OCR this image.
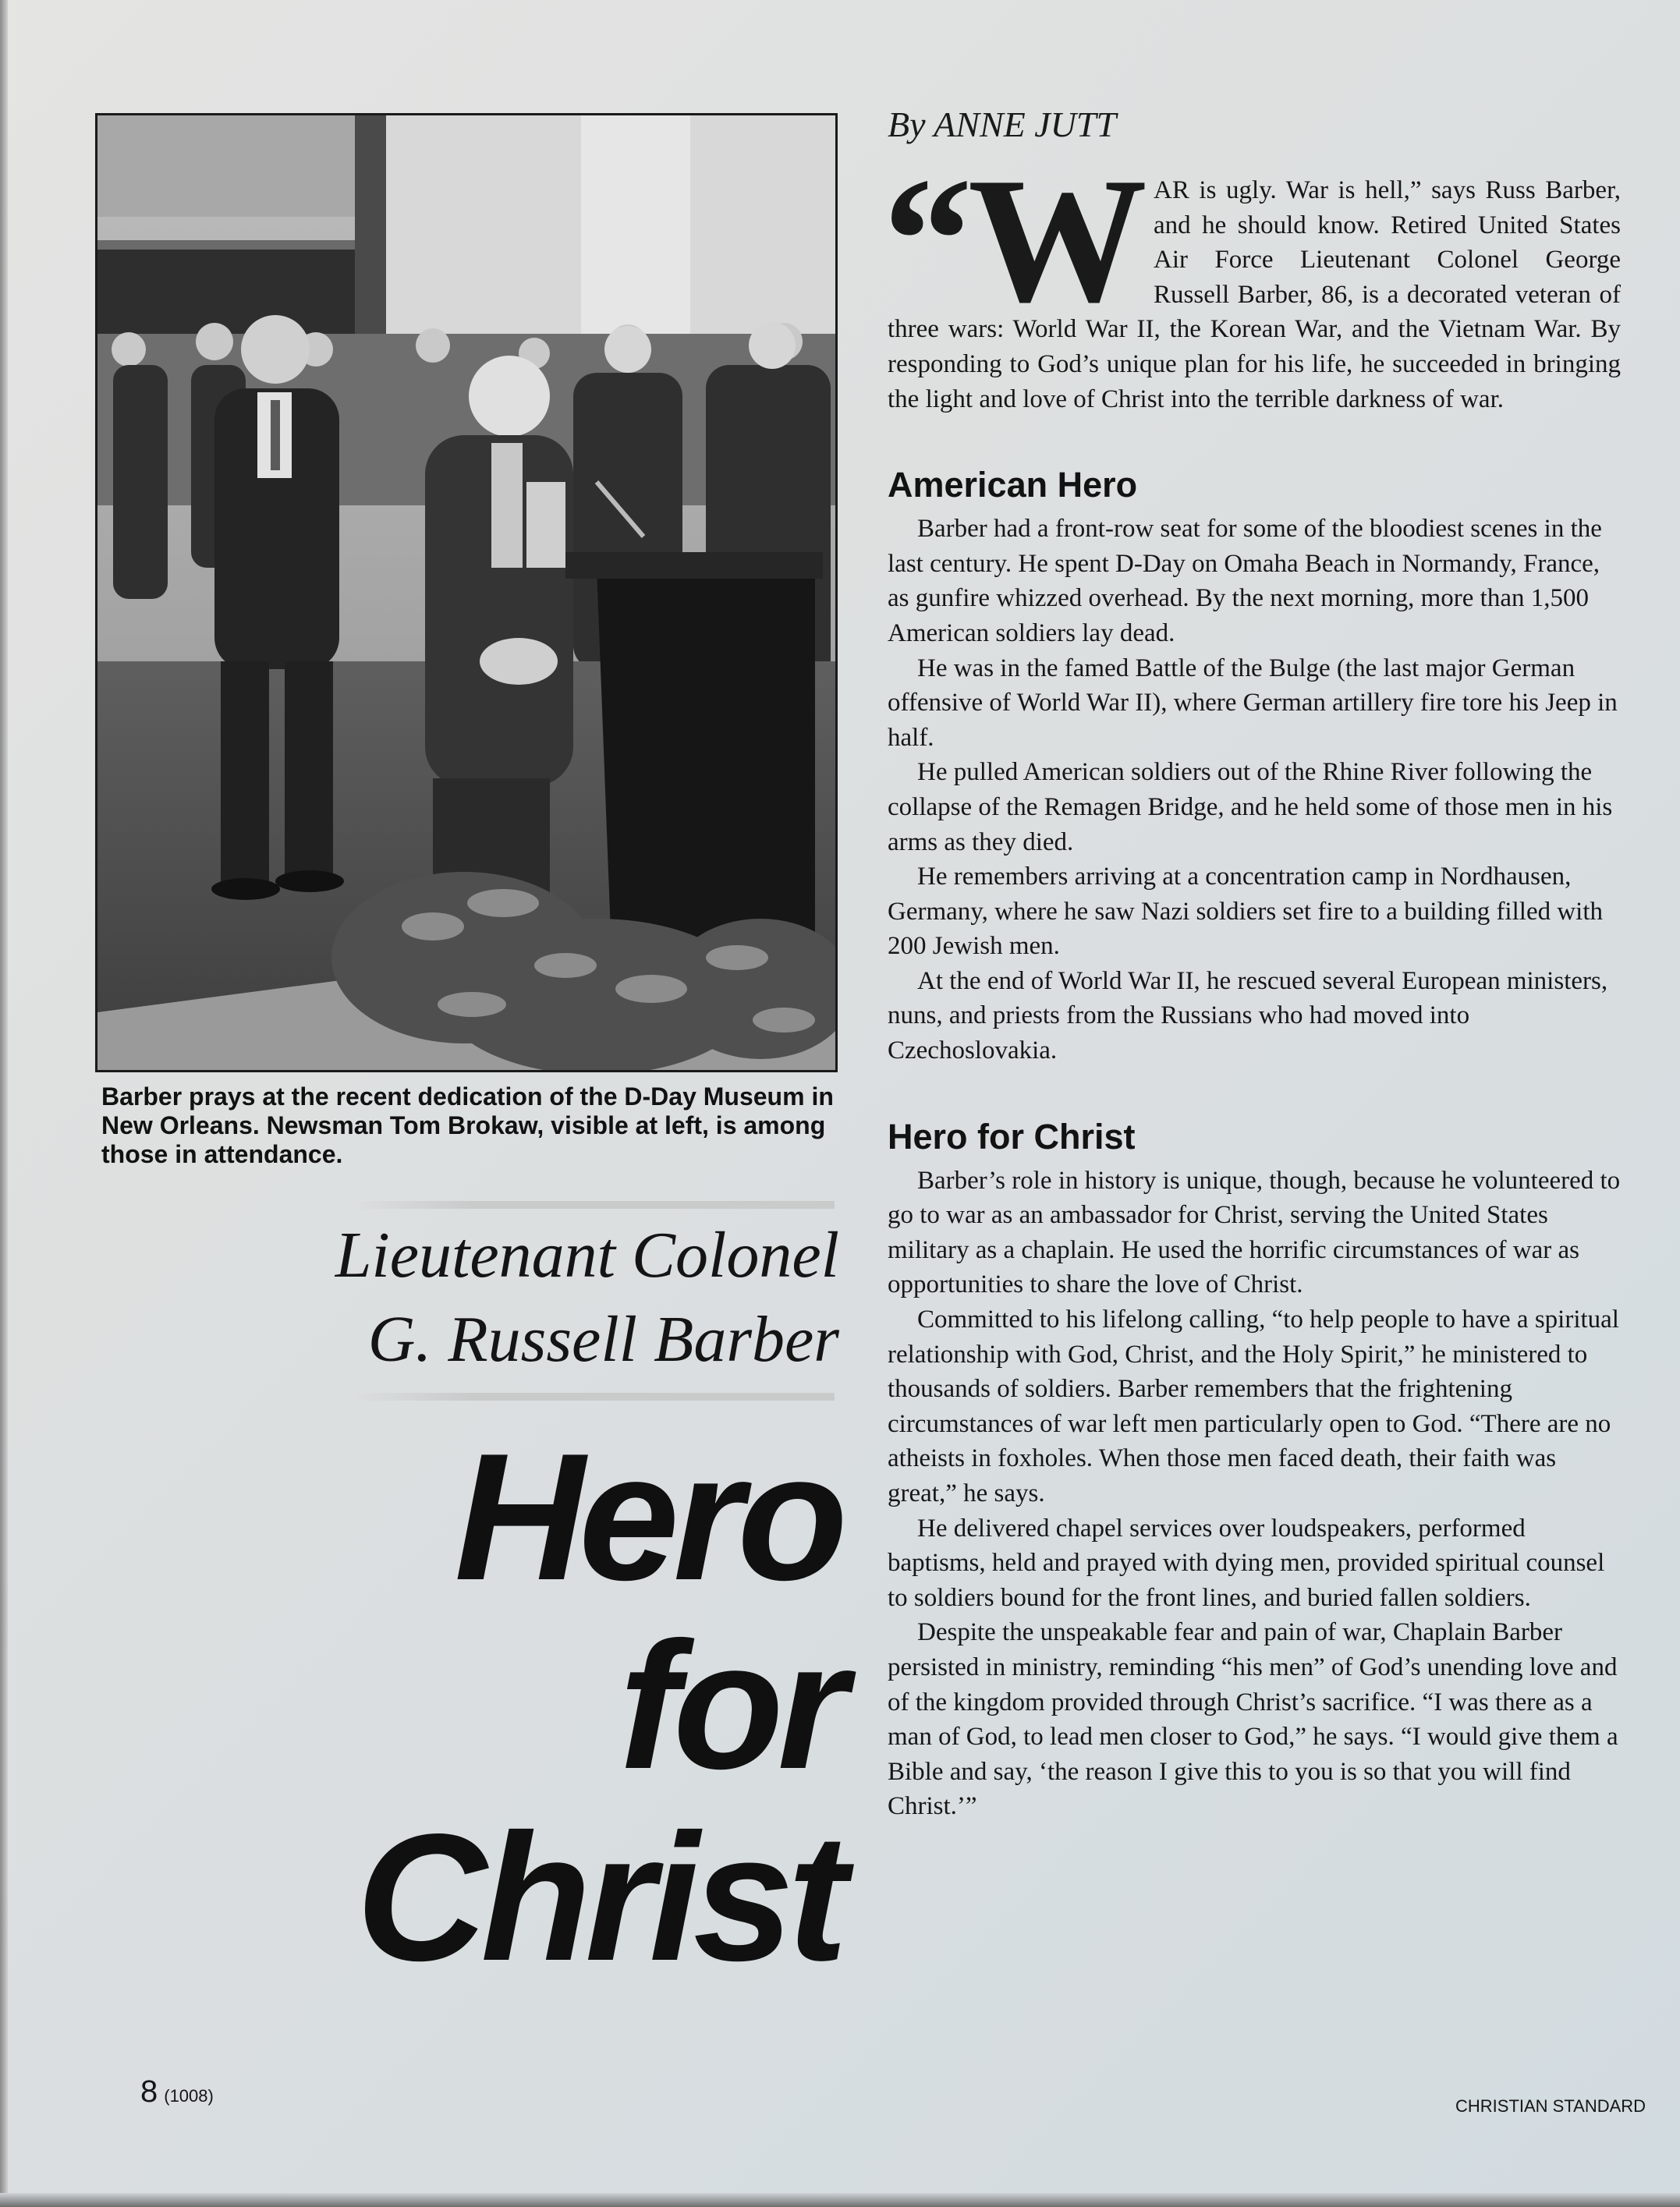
Barber prays at the recent dedication of the D-Day Museum in New Orleans. Newsman Tom Brokaw, visible at left, is among those in attendance.
Lieutenant Colonel
G. Russell Barber
Hero
for
Christ
By ANNE JUTT

“WAR is ugly. War is hell,” says Russ Barber, and he should know. Retired United States Air Force Lieutenant Colonel George Russell Barber, 86, is a decorated veteran of three wars: World War II, the Korean War, and the Vietnam War. By responding to God’s unique plan for his life, he succeeded in bringing the light and love of Christ into the terrible darkness of war.

American Hero

Barber had a front-row seat for some of the bloodiest scenes in the last century. He spent D-Day on Omaha Beach in Normandy, France, as gunfire whizzed overhead. By the next morning, more than 1,500 American soldiers lay dead.

He was in the famed Battle of the Bulge (the last major German offensive of World War II), where German artillery fire tore his Jeep in half.

He pulled American soldiers out of the Rhine River following the collapse of the Remagen Bridge, and he held some of those men in his arms as they died.

He remembers arriving at a concentration camp in Nordhausen, Germany, where he saw Nazi soldiers set fire to a building filled with 200 Jewish men.

At the end of World War II, he rescued several European ministers, nuns, and priests from the Russians who had moved into Czechoslovakia.

Hero for Christ

Barber’s role in history is unique, though, because he volunteered to go to war as an ambassador for Christ, serving the United States military as a chaplain. He used the horrific circumstances of war as opportunities to share the love of Christ.

Committed to his lifelong calling, “to help people to have a spiritual relationship with God, Christ, and the Holy Spirit,” he ministered to thousands of soldiers. Barber remembers that the frightening circumstances of war left men particularly open to God. “There are no atheists in foxholes. When those men faced death, their faith was great,” he says.

He delivered chapel services over loudspeakers, performed baptisms, held and prayed with dying men, provided spiritual counsel to soldiers bound for the front lines, and buried fallen soldiers.

Despite the unspeakable fear and pain of war, Chaplain Barber persisted in ministry, reminding “his men” of God’s unending love and of the kingdom provided through Christ’s sacrifice. “I was there as a man of God, to lead men closer to God,” he says. “I would give them a Bible and say, ‘the reason I give this to you is so that you will find Christ.’”

8 (1008)
CHRISTIAN STANDARD
